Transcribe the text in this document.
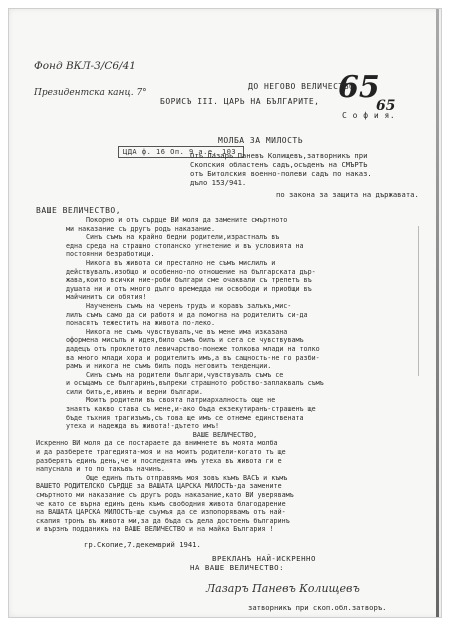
Фонд ВКЛ-3/С6/41
Президентска канц. 7°	65
65
ЦДА ф. 16 Оп. 9 а.е. 103
ДО НЕГОВО ВЕЛИЧЕСТВО
БОРИСЪ III. ЦАРЬ НА БЪЛГАРИТЕ,
С о ф и я.
МОЛБА ЗА МИЛОСТЬ
Отъ Лазарь Паневъ Колищевъ,затворникъ при
Скопския областенъ садъ,осъденъ на СМЪРТЬ
отъ Битолския военно-полеви садъ по наказ.
дъло 153/941.
по закона за защита на държавата.
ВАШЕ ВЕЛИЧЕСТВО,
Покорно и отъ сърдце ВИ моля да замените смъртното
ми наказание съ другъ родъ наказание.
Синъ съмъ на крайно бедни родители,израстналъ въ
една среда на страшно стопанско угнетение и въ условията на
постоянни безработици.
Никога въ живота си престално не съмъ мислилъ и
действувалъ.изобщо и особенно-по отношение на българската дър-
жава,които всички ние-роби българи сме очаквали съ трепетъ въ
душата ни и отъ много дълго времедда ни освободи и приобщи въ
майчинитъ си обятия!
Научененъ съмъ на черенъ трудъ и коравъ залъкъ,мис-
лилъ съмъ само да си работя и да помогна на родителитъ си-да
понасятъ тежеститъ на живота по-леко.
Никога не съмъ чувствувалъ,че въ мене има изказана
оформена мисълъ и идея,било съмъ билъ и сега се чувствувамъ
дадецъ отъ проклетото левичарство-понеже толкова млади на толко
ва много млади хора и родителитъ имъ,а въ сащность-не го разби-
рамъ и никога не съмъ билъ подъ неговитъ тенденции.
Синъ съмъ на родители българи,чувствувалъ съмъ се
и осъщамъ се българинъ,въпреки страшното робство-заплаквалъ съмъ
сили бить,е,ивинъ и верни българи.
Моитъ родители въ своята патриархалность още не
знаятъ какво става съ мене,и-ако бъда екзекутиранъ-страшенъ ще
бъде тъхния трагизъмъ,съ това ще имъ се отнеме единствената
утеха и надежда въ живота!-дътето имъ!
ВАШЕ ВЕЛИЧЕСТВО,
Искренно ВИ моля да се постараете да внимнете въ моята молба
и да разберете трагедията-моя и на моитъ родители-когато тъ ще
разберятъ единъ день,че и последнята имъ утеха въ живота ги е
напуснала и то по такъвъ начинъ.
Още единъ пътъ отправямъ моя зовъ къмъ ВАСЪ и къмъ
ВАШЕТО РОДИТЕЛСКО СЪРДЦЕ за ВАШАТА ЦАРСКА МИЛОСТЬ-да замените
смъртното ми наказание съ другъ родъ наказание,като ВИ уверявамъ
че като се върна единъ день къмъ свободния живота благодарение
на ВАШАТА ЦАРСКА МИЛОСТЬ-ще съумъя да се изпопорявамъ отъ най-
скапия тронъ въ живота ми,за да бъда съ дела достоенъ българинъ
и вързнъ подданикъ на ВАШЕ ВЕЛИЧЕСТВО и на майка България !
гр.Скопие,7.декемврий 1941.
ВРЕКЛАНЪ НАЙ-ИСКРЕННО
НА ВАШЕ ВЕЛИЧЕСТВО:
Лазаръ Паневъ Колищевъ
затворникъ при скоп.обл.затворъ.
